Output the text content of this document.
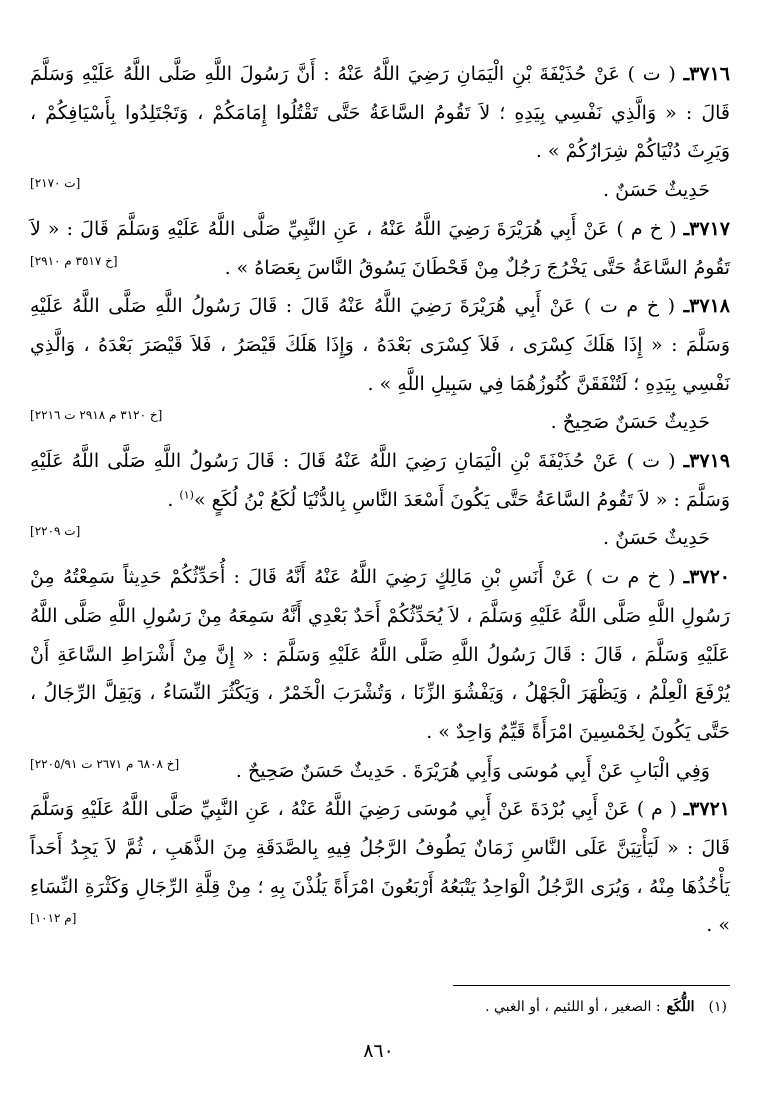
٣٧١٦ـ ( ت ) عَنْ حُذَيْفَةَ بْنِ الْيَمَانِ رَضِيَ اللَّهُ عَنْهُ : أَنَّ رَسُولَ اللَّهِ صَلَّى اللَّهُ عَلَيْهِ وَسَلَّمَ قَالَ : « وَالَّذِي نَفْسِي بِيَدِهِ ؛ لاَ تَقُومُ السَّاعَةُ حَتَّى تَقْتُلُوا إِمَامَكُمْ ، وَتَجْتَلِدُوا بِأَسْيَافِكُمْ ، وَيَرِثَ دُنْيَاكُمْ شِرَارُكُمْ » .

حَدِيثٌ حَسَنٌ .
[ت ٢١٧٠]

٣٧١٧ـ ( خ م ) عَنْ أَبِي هُرَيْرَةَ رَضِيَ اللَّهُ عَنْهُ ، عَنِ النَّبِيِّ صَلَّى اللَّهُ عَلَيْهِ وَسَلَّمَ قَالَ : « لاَ تَقُومُ السَّاعَةُ حَتَّى يَخْرُجَ رَجُلٌ مِنْ قَحْطَانَ يَسُوقُ النَّاسَ بِعَصَاهُ » .

[خ ٣٥١٧ م ٢٩١٠]

٣٧١٨ـ ( خ م ت ) عَنْ أَبِي هُرَيْرَةَ رَضِيَ اللَّهُ عَنْهُ قَالَ : قَالَ رَسُولُ اللَّهِ صَلَّى اللَّهُ عَلَيْهِ وَسَلَّمَ : « إِذَا هَلَكَ كِسْرَى ، فَلاَ كِسْرَى بَعْدَهُ ، وَإِذَا هَلَكَ قَيْصَرُ ، فَلاَ قَيْصَرَ بَعْدَهُ ، وَالَّذِي نَفْسِي بِيَدِهِ ؛ لَتُنْفَقَنَّ كُنُوزُهُمَا فِي سَبِيلِ اللَّهِ » .

حَدِيثٌ حَسَنٌ صَحِيحٌ .
[خ ٣١٢٠ م ٢٩١٨ ت ٢٢١٦]

٣٧١٩ـ ( ت ) عَنْ حُذَيْفَةَ بْنِ الْيَمَانِ رَضِيَ اللَّهُ عَنْهُ قَالَ : قَالَ رَسُولُ اللَّهِ صَلَّى اللَّهُ عَلَيْهِ وَسَلَّمَ : « لاَ تَقُومُ السَّاعَةُ حَتَّى يَكُونَ أَسْعَدَ النَّاسِ بِالدُّنْيَا لُكَعُ بْنُ لُكَعٍ »$^{(١)}$ .

حَدِيثٌ حَسَنٌ .
[ت ٢٢٠٩]

٣٧٢٠ـ ( خ م ت ) عَنْ أَنَسِ بْنِ مَالِكٍ رَضِيَ اللَّهُ عَنْهُ أَنَّهُ قَالَ : أُحَدِّثُكُمْ حَدِيثاً سَمِعْتُهُ مِنْ رَسُولِ اللَّهِ صَلَّى اللَّهُ عَلَيْهِ وَسَلَّمَ ، لاَ يُحَدِّثُكُمْ أَحَدٌ بَعْدِي أَنَّهُ سَمِعَهُ مِنْ رَسُولِ اللَّهِ صَلَّى اللَّهُ عَلَيْهِ وَسَلَّمَ ، قَالَ : قَالَ رَسُولُ اللَّهِ صَلَّى اللَّهُ عَلَيْهِ وَسَلَّمَ : « إِنَّ مِنْ أَشْرَاطِ السَّاعَةِ أَنْ يُرْفَعَ الْعِلْمُ ، وَيَظْهَرَ الْجَهْلُ ، وَيَفْشُوَ الزِّنَا ، وَتُشْرَبَ الْخَمْرُ ، وَيَكْثُرَ النِّسَاءُ ، وَيَقِلَّ الرِّجَالُ ، حَتَّى يَكُونَ لِخَمْسِينَ امْرَأَةً قَيِّمٌ وَاحِدٌ » .

وَفِي الْبَابِ عَنْ أَبِي مُوسَى وَأَبِي هُرَيْرَةَ . حَدِيثٌ حَسَنٌ صَحِيحٌ .
[خ ٦٨٠٨ م ٢٦٧١ ت ٢٢٠٥/٩١]

٣٧٢١ـ ( م ) عَنْ أَبِي بُرْدَةَ عَنْ أَبِي مُوسَى رَضِيَ اللَّهُ عَنْهُ ، عَنِ النَّبِيِّ صَلَّى اللَّهُ عَلَيْهِ وَسَلَّمَ قَالَ : « لَيَأْتِيَنَّ عَلَى النَّاسِ زَمَانٌ يَطُوفُ الرَّجُلُ فِيهِ بِالصَّدَقَةِ مِنَ الذَّهَبِ ، ثُمَّ لاَ يَجِدُ أَحَداً يَأْخُذُهَا مِنْهُ ، وَيُرَى الرَّجُلُ الْوَاحِدُ يَتْبَعُهُ أَرْبَعُونَ امْرَأَةً يَلُذْنَ بِهِ ؛ مِنْ قِلَّةِ الرِّجَالِ وَكَثْرَةِ النِّسَاءِ » .

[م ١٠١٢]
(١)اللُّكَع: الصغير ، أو اللئيم ، أو الغبي .
٨٦٠
